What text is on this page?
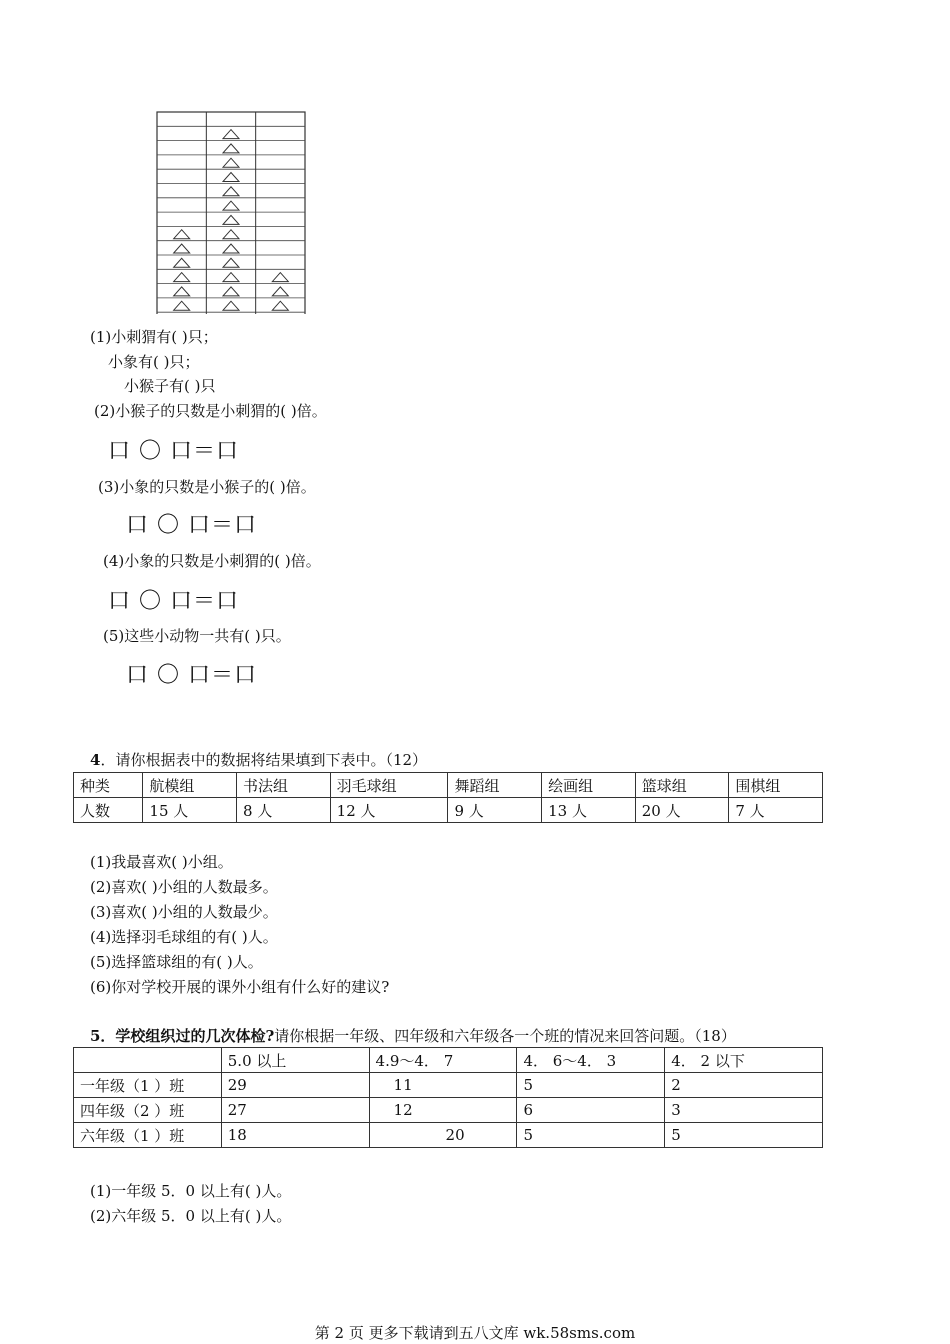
(1)小刺猬有( )只；
小象有( )只；
小猴子有( )只
(2)小猴子的只数是小刺猬的( )倍。
口 〇 口＝口
(3)小象的只数是小猴子的( )倍。
口 〇 口＝口
(4)小象的只数是小刺猬的( )倍。
口 〇 口＝口
(5)这些小动物一共有( )只。
口 〇 口＝口
4．请你根据表中的数据将结果填到下表中。（12）
种类	航模组	书法组	羽毛球组	舞蹈组	绘画组	篮球组	围棋组
人数	15 人	8 人	12 人	9 人	13 人	20 人	7 人
(1)我最喜欢( )小组。
(2)喜欢( )小组的人数最多。
(3)喜欢( )小组的人数最少。
(4)选择羽毛球组的有( )人。
(5)选择篮球组的有( )人。
(6)你对学校开展的课外小组有什么好的建议?
5．学校组织过的几次体检?请你根据一年级、四年级和六年级各一个班的情况来回答问题。（18）
	5.0 以上	4.9～4． 7	4． 6～4． 3	4． 2 以下
一年级（1 ）班	29	11	5	2
四年级（2 ）班	27	12	6	3
六年级（1 ）班	18	20	5	5
(1)一年级 5．0 以上有( )人。
(2)六年级 5．0 以上有( )人。
第 2 页 更多下载请到五八文库 wk.58sms.com
